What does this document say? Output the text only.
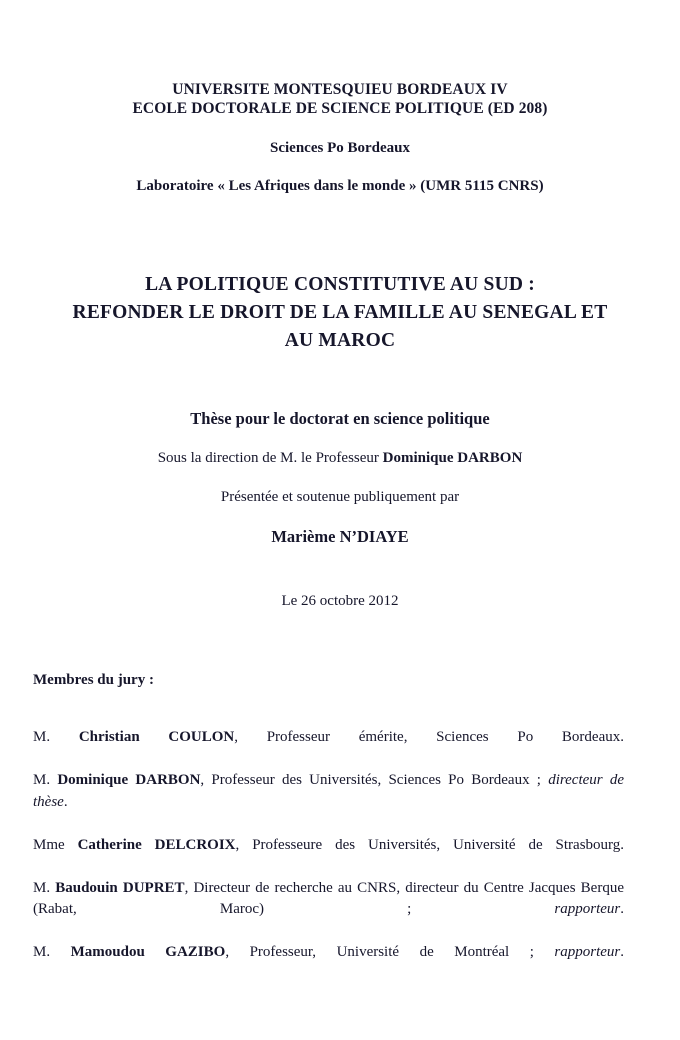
UNIVERSITE MONTESQUIEU BORDEAUX IV
ECOLE DOCTORALE DE SCIENCE POLITIQUE (ED 208)
Sciences Po Bordeaux
Laboratoire « Les Afriques dans le monde » (UMR 5115 CNRS)
LA POLITIQUE CONSTITUTIVE AU SUD :
REFONDER LE DROIT DE LA FAMILLE AU SENEGAL ET
AU MAROC
Thèse pour le doctorat en science politique
Sous la direction de M. le Professeur Dominique DARBON
Présentée et soutenue publiquement par
Marième N’DIAYE
Le 26 octobre 2012
Membres du jury :

M. Christian COULON, Professeur émérite, Sciences Po Bordeaux.

M. Dominique DARBON, Professeur des Universités, Sciences Po Bordeaux ; directeur de thèse.

Mme Catherine DELCROIX, Professeure des Universités, Université de Strasbourg.

M. Baudouin DUPRET, Directeur de recherche au CNRS, directeur du Centre Jacques Berque (Rabat, Maroc) ; rapporteur.

M. Mamoudou GAZIBO, Professeur, Université de Montréal ; rapporteur.
